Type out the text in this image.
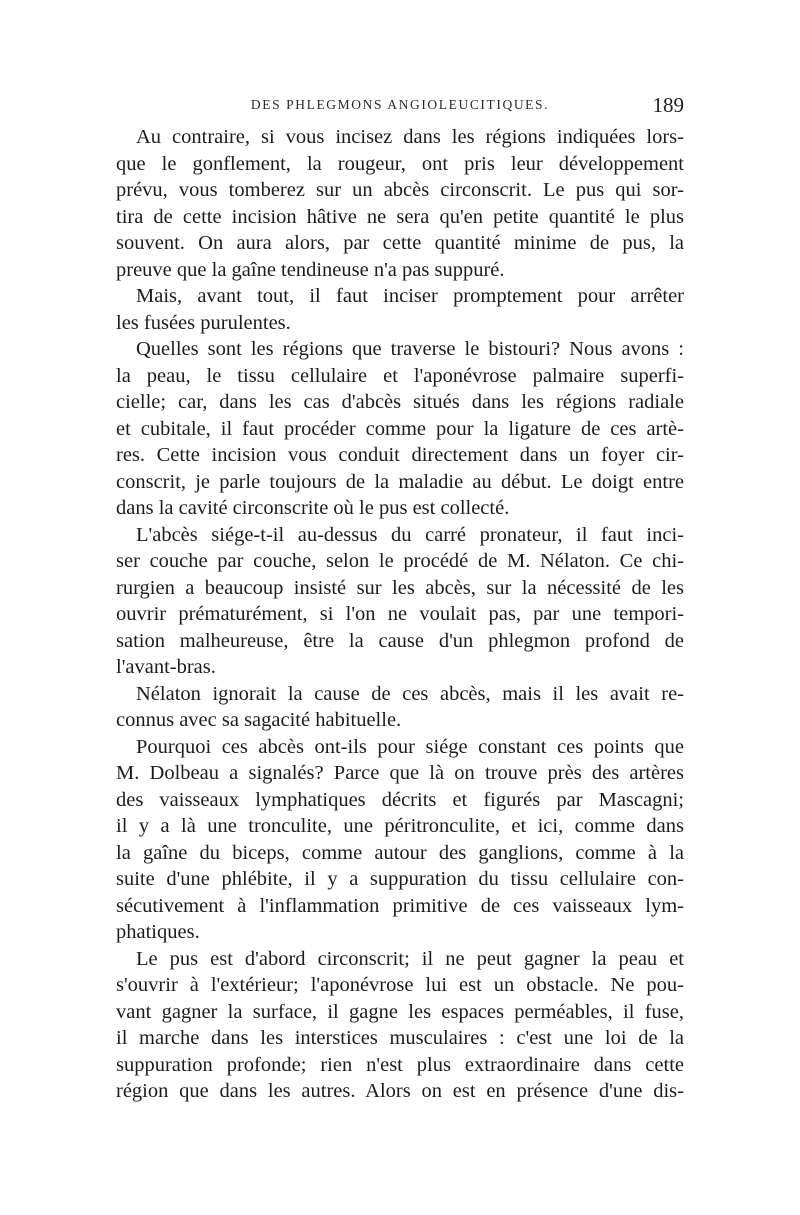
DES PHLEGMONS ANGIOLEUCITIQUES.	189
Au contraire, si vous incisez dans les régions indiquées lors-
que le gonflement, la rougeur, ont pris leur développement
prévu, vous tomberez sur un abcès circonscrit. Le pus qui sor-
tira de cette incision hâtive ne sera qu'en petite quantité le plus
souvent. On aura alors, par cette quantité minime de pus, la
preuve que la gaîne tendineuse n'a pas suppuré.
Mais, avant tout, il faut inciser promptement pour arrêter
les fusées purulentes.
Quelles sont les régions que traverse le bistouri? Nous avons :
la peau, le tissu cellulaire et l'aponévrose palmaire superfi-
cielle; car, dans les cas d'abcès situés dans les régions radiale
et cubitale, il faut procéder comme pour la ligature de ces artè-
res. Cette incision vous conduit directement dans un foyer cir-
conscrit, je parle toujours de la maladie au début. Le doigt entre
dans la cavité circonscrite où le pus est collecté.
L'abcès siége-t-il au-dessus du carré pronateur, il faut inci-
ser couche par couche, selon le procédé de M. Nélaton. Ce chi-
rurgien a beaucoup insisté sur les abcès, sur la nécessité de les
ouvrir prématurément, si l'on ne voulait pas, par une tempori-
sation malheureuse, être la cause d'un phlegmon profond de
l'avant-bras.
Nélaton ignorait la cause de ces abcès, mais il les avait re-
connus avec sa sagacité habituelle.
Pourquoi ces abcès ont-ils pour siége constant ces points que
M. Dolbeau a signalés? Parce que là on trouve près des artères
des vaisseaux lymphatiques décrits et figurés par Mascagni;
il y a là une tronculite, une péritronculite, et ici, comme dans
la gaîne du biceps, comme autour des ganglions, comme à la
suite d'une phlébite, il y a suppuration du tissu cellulaire con-
sécutivement à l'inflammation primitive de ces vaisseaux lym-
phatiques.
Le pus est d'abord circonscrit; il ne peut gagner la peau et
s'ouvrir à l'extérieur; l'aponévrose lui est un obstacle. Ne pou-
vant gagner la surface, il gagne les espaces perméables, il fuse,
il marche dans les interstices musculaires : c'est une loi de la
suppuration profonde; rien n'est plus extraordinaire dans cette
région que dans les autres. Alors on est en présence d'une dis-
